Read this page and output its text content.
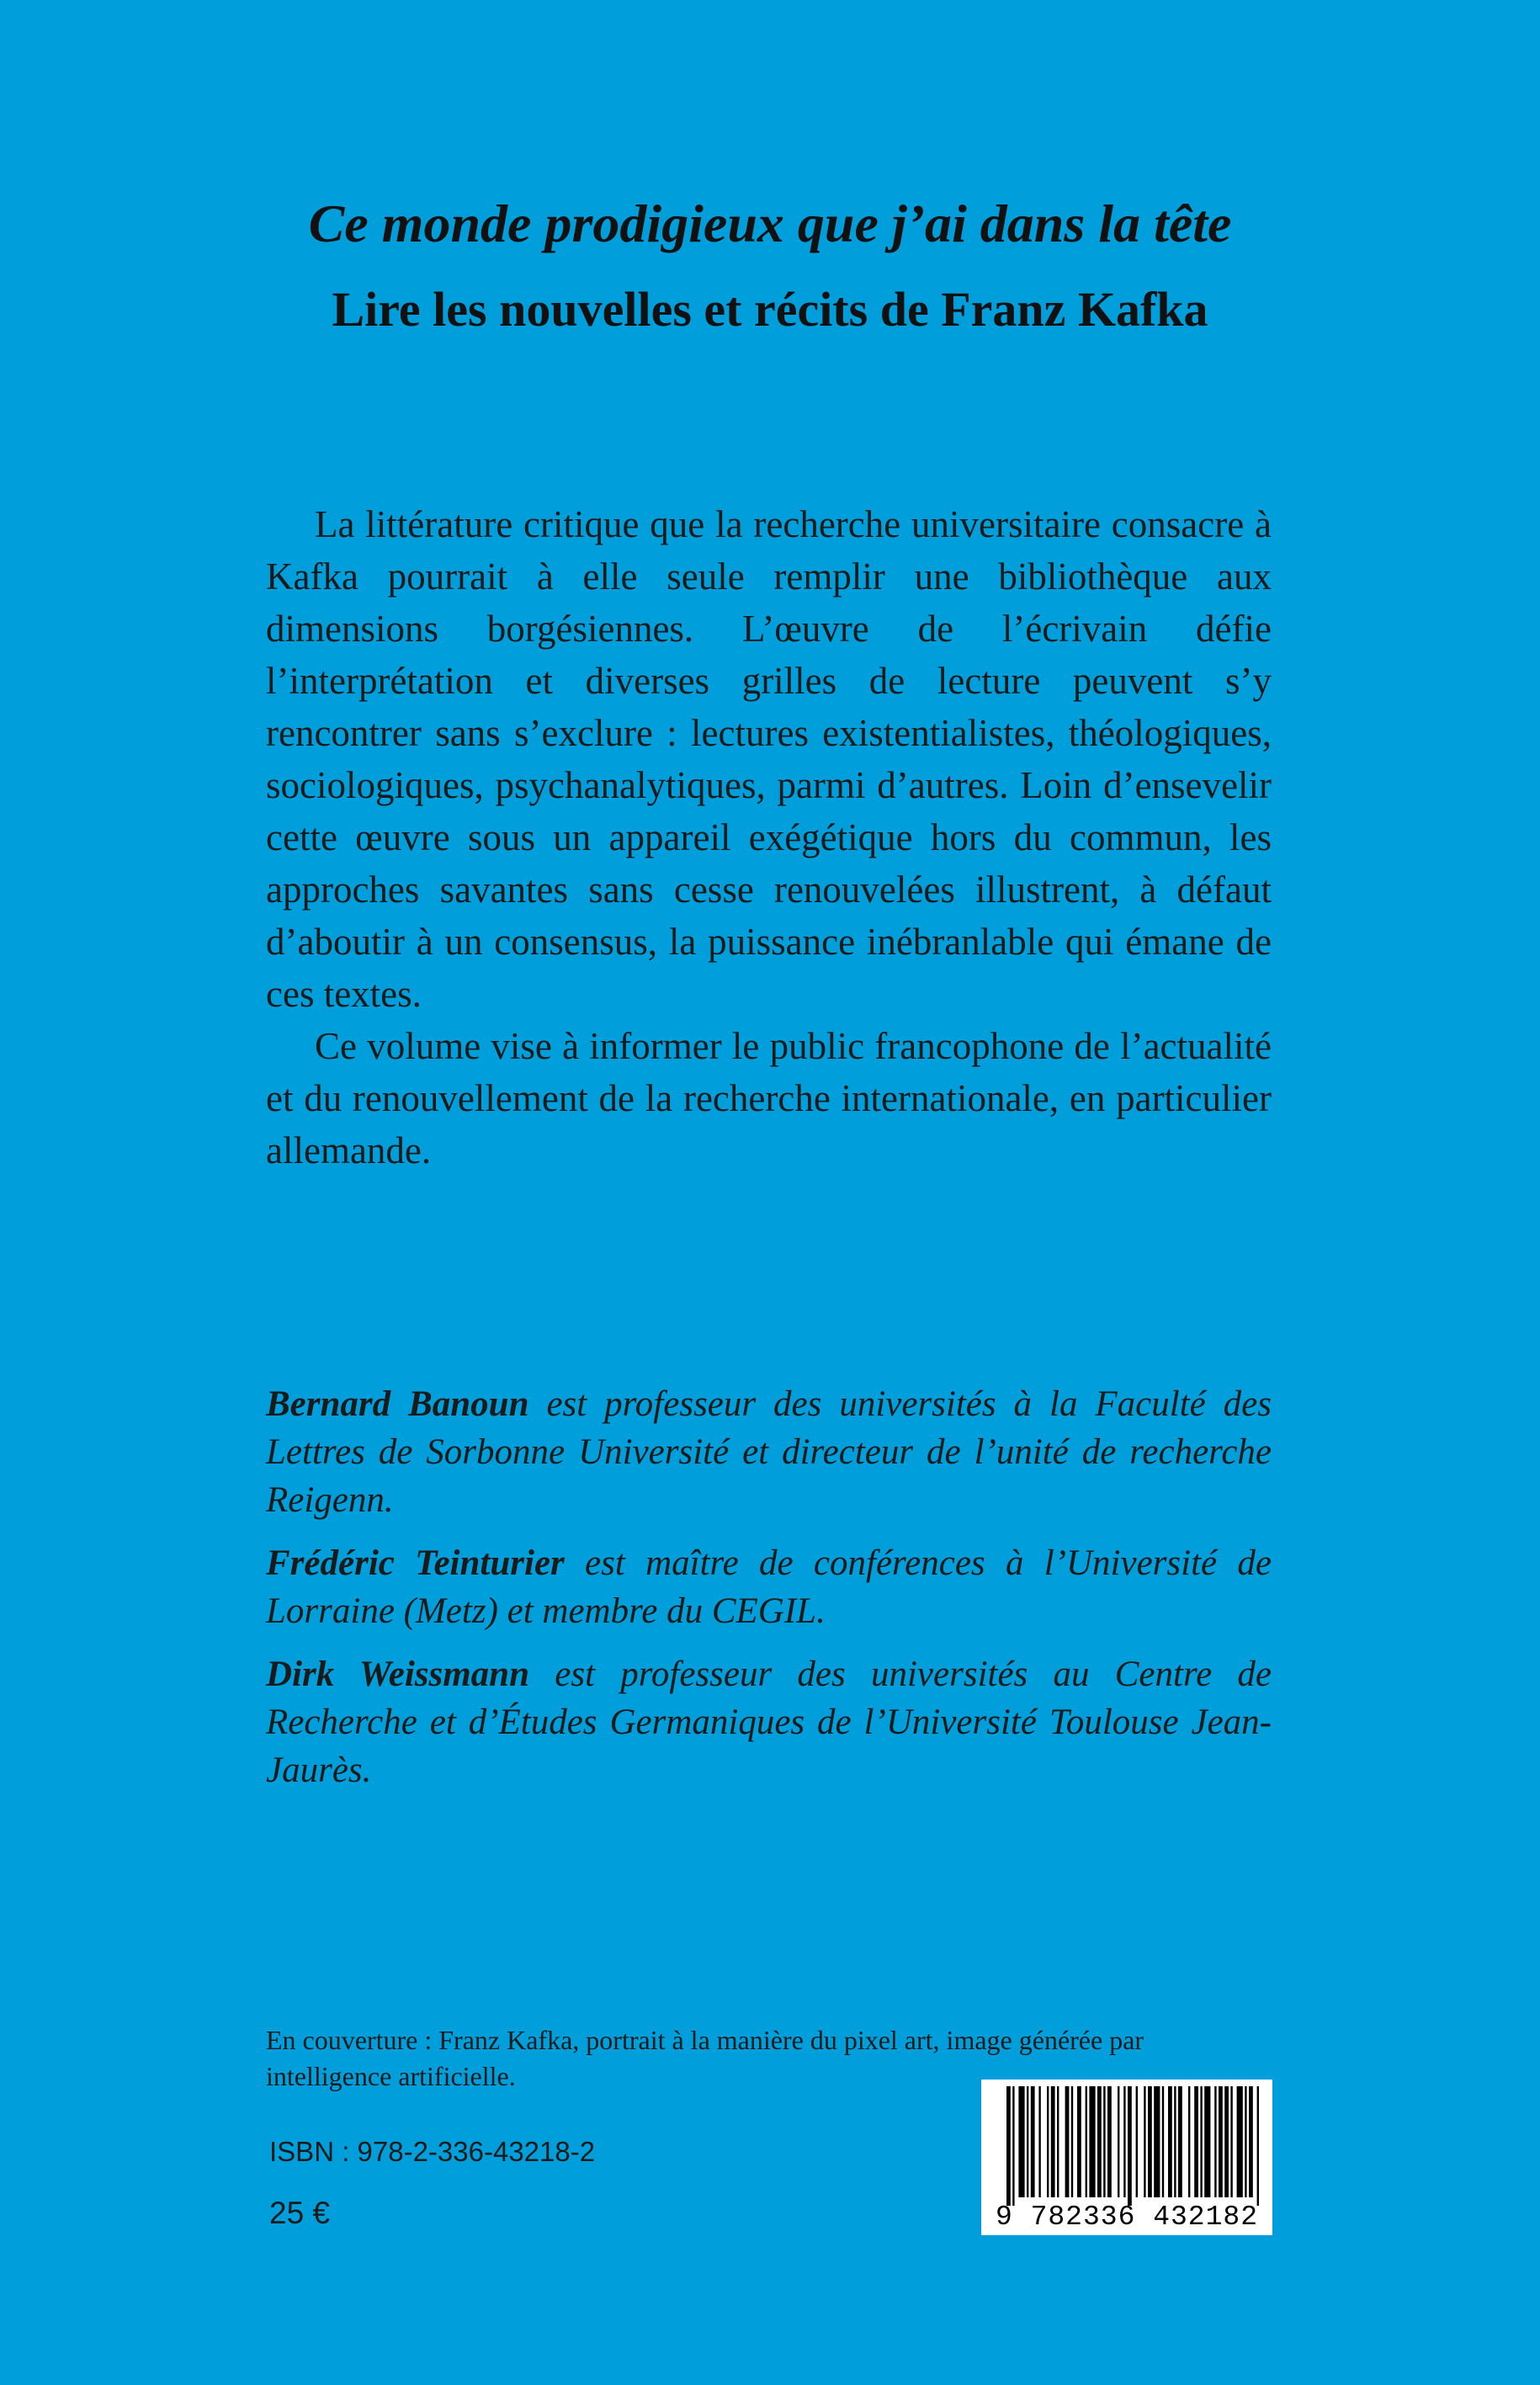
Ce monde prodigieux que j’ai dans la tête
Lire les nouvelles et récits de Franz Kafka

La littérature critique que la recherche universitaire consacre à Kafka pourrait à elle seule remplir une bibliothèque aux dimensions borgésiennes. L’œuvre de l’écrivain défie l’interprétation et diverses grilles de lecture peuvent s’y rencontrer sans s’exclure : lectures existentialistes, théologiques, sociologiques, psychanalytiques, parmi d’autres. Loin d’ensevelir cette œuvre sous un appareil exégétique hors du commun, les approches savantes sans cesse renouvelées illustrent, à défaut d’aboutir à un consensus, la puissance inébranlable qui émane de ces textes.

Ce volume vise à informer le public francophone de l’actualité et du renouvellement de la recherche internationale, en particulier allemande.

Bernard Banoun est professeur des universités à la Faculté des Lettres de Sorbonne Université et directeur de l’unité de recherche Reigenn.

Frédéric Teinturier est maître de conférences à l’Université de Lorraine (Metz) et membre du CEGIL.

Dirk Weissmann est professeur des universités au Centre de Recherche et d’Études Germaniques de l’Université Toulouse Jean-Jaurès.

En couverture : Franz Kafka, portrait à la manière du pixel art, image générée par intelligence artificielle.
ISBN : 978-2-336-43218-2
25 €	9 782336 432182
